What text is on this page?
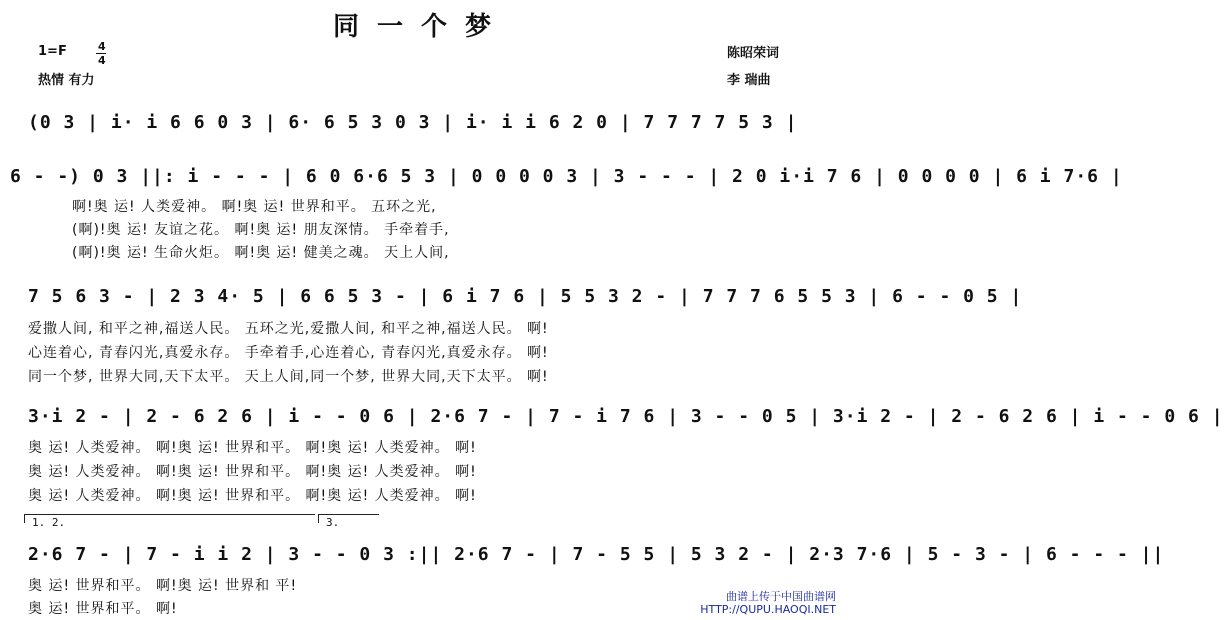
同一个梦
1=F	4
4
热情 有力
陈昭荣词
李 瑞曲
(0 3 | i· i 6 6 0 3 | 6· 6 5 3 0 3 | i· i i 6 2 0 | 7 7 7 7 5 3 |
6 - -) 0 3 ||: i - - - | 6 0 6·6 5 3 | 0 0 0 0 3 | 3 - - - | 2 0 i·i 7 6 | 0 0 0 0 | 6 i 7·6 |
啊!奥 运! 人类爱神。 啊!奥 运! 世界和平。 五环之光,
(啊)!奥 运! 友谊之花。 啊!奥 运! 朋友深情。 手牵着手,
(啊)!奥 运! 生命火炬。 啊!奥 运! 健美之魂。 天上人间,
7 5 6 3 - | 2 3 4· 5 | 6 6 5 3 - | 6 i 7 6 | 5 5 3 2 - | 7 7 7 6 5 5 3 | 6 - - 0 5 |
爱撒人间, 和平之神,福送人民。 五环之光,爱撒人间, 和平之神,福送人民。 啊!
心连着心, 青春闪光,真爱永存。 手牵着手,心连着心, 青春闪光,真爱永存。 啊!
同一个梦, 世界大同,天下太平。 天上人间,同一个梦, 世界大同,天下太平。 啊!
3·i 2 - | 2 - 6 2 6 | i - - 0 6 | 2·6 7 - | 7 - i 7 6 | 3 - - 0 5 | 3·i 2 - | 2 - 6 2 6 | i - - 0 6 |
奥 运! 人类爱神。 啊!奥 运! 世界和平。 啊!奥 运! 人类爱神。 啊!
奥 运! 人类爱神。 啊!奥 运! 世界和平。 啊!奥 运! 人类爱神。 啊!
奥 运! 人类爱神。 啊!奥 运! 世界和平。 啊!奥 运! 人类爱神。 啊!
1. 2.	3.
2·6 7 - | 7 - i i 2 | 3 - - 0 3 :|| 2·6 7 - | 7 - 5 5 | 5 3 2 - | 2·3 7·6 | 5 - 3 - | 6 - - - ||
奥 运! 世界和平。 啊!奥 运! 世界和 平!
奥 运! 世界和平。 啊!
曲谱上传于中国曲谱网
HTTP://QUPU.HAOQI.NET
